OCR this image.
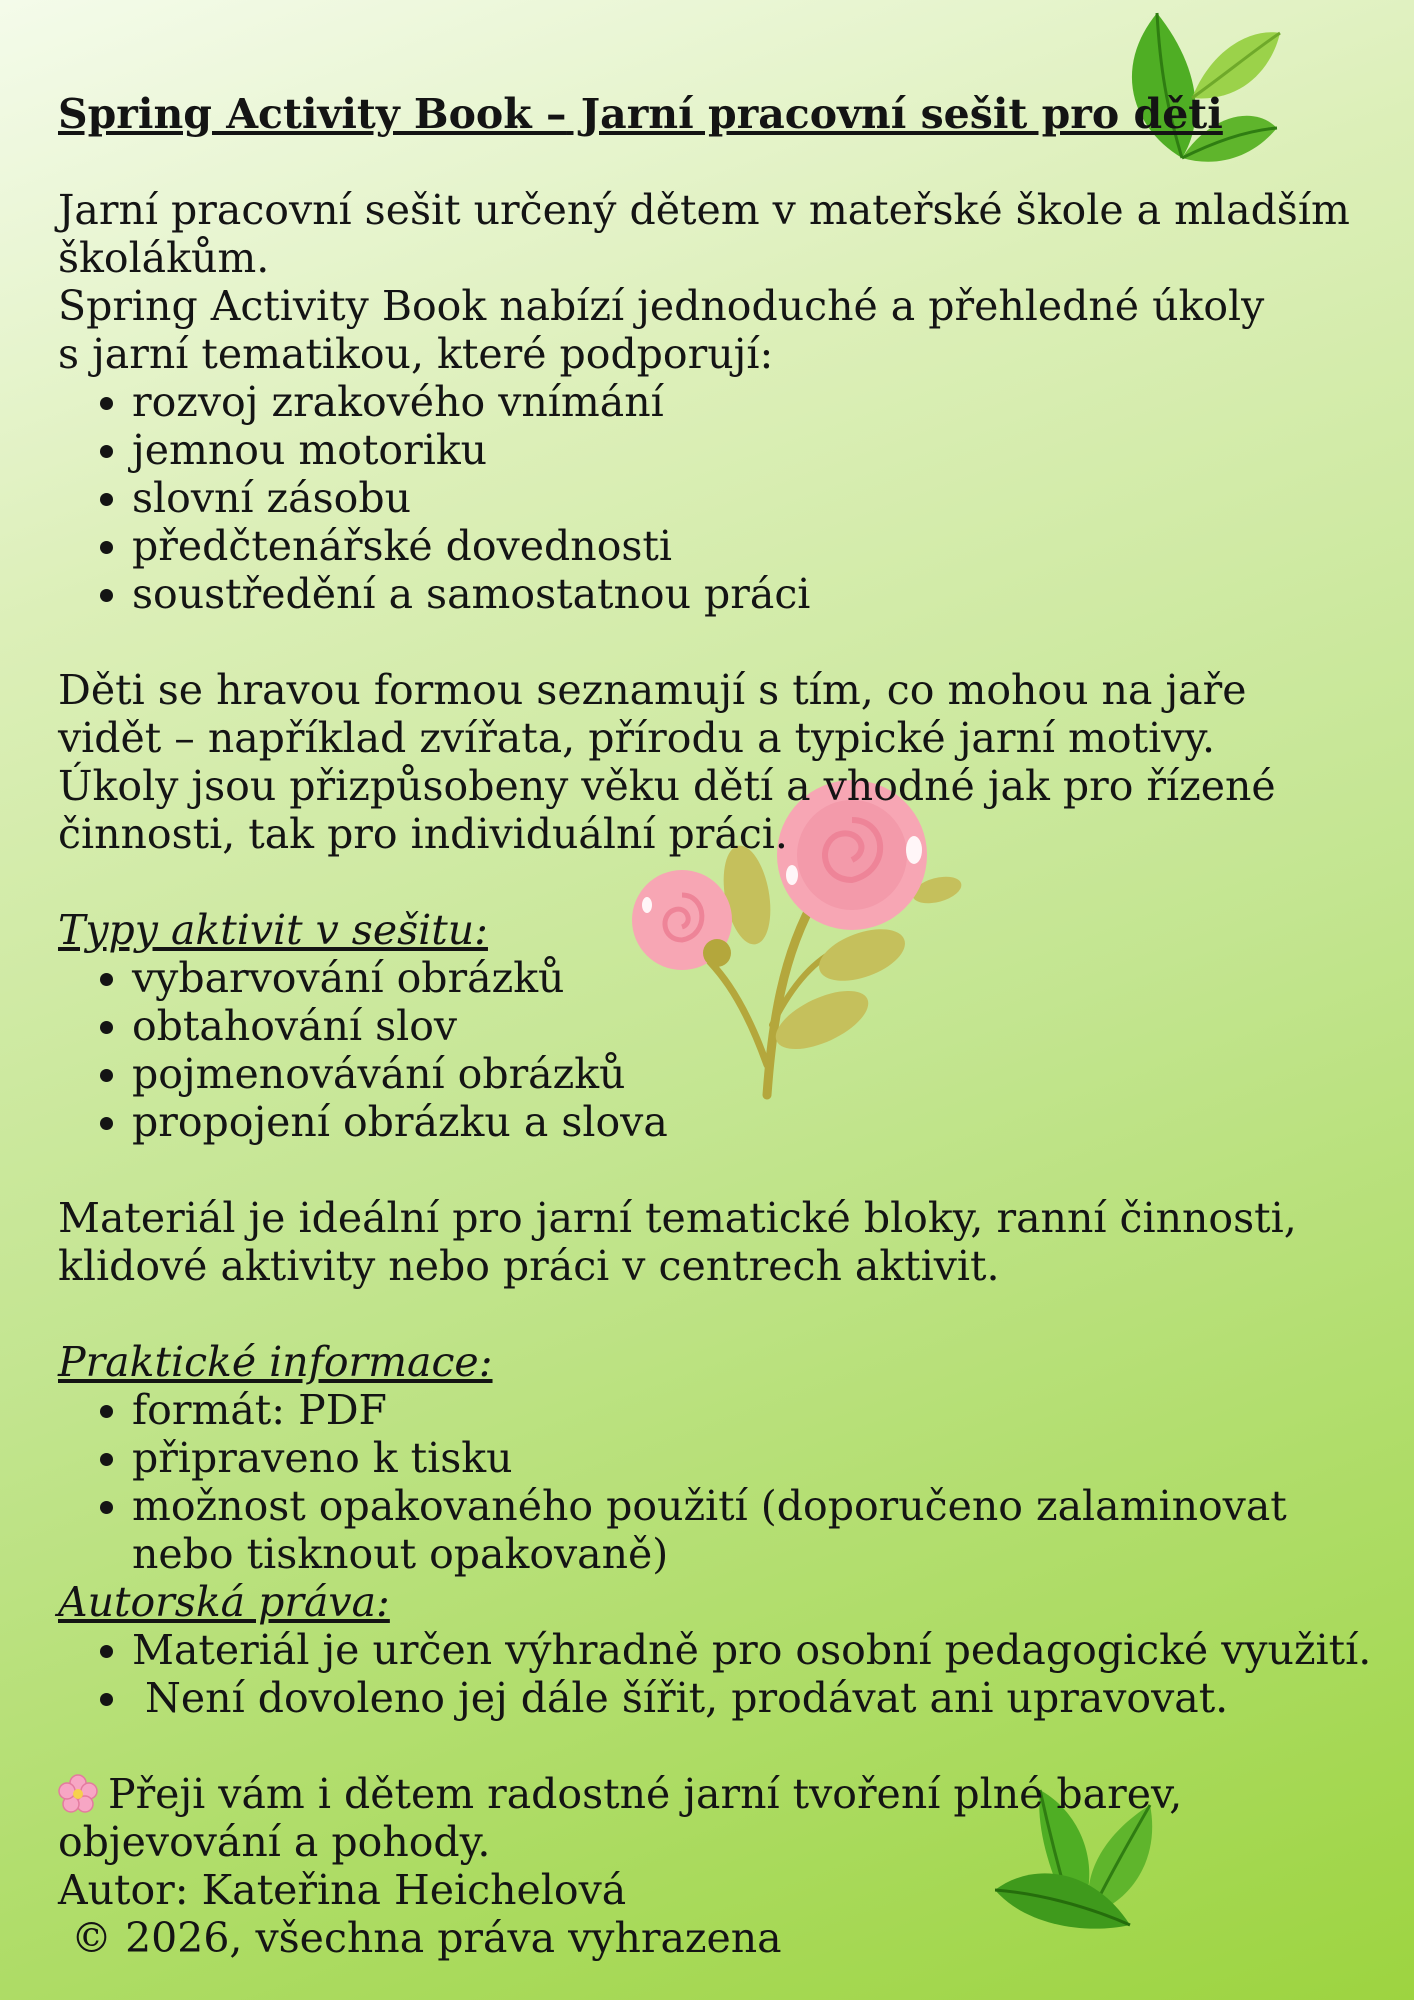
Spring Activity Book – Jarní pracovní sešit pro děti

Jarní pracovní sešit určený dětem v mateřské škole a mladším školákům.

Spring Activity Book nabízí jednoduché a přehledné úkoly s jarní tematikou, které podporují:

• rozvoj zrakového vnímání
• jemnou motoriku
• slovní zásobu
• předčtenářské dovednosti
• soustředění a samostatnou práci

Děti se hravou formou seznamují s tím, co mohou na jaře vidět – například zvířata, přírodu a typické jarní motivy. Úkoly jsou přizpůsobeny věku dětí a vhodné jak pro řízené činnosti, tak pro individuální práci.

Typy aktivit v sešitu:

• vybarvování obrázků
• obtahování slov
• pojmenovávání obrázků
• propojení obrázku a slova

Materiál je ideální pro jarní tematické bloky, ranní činnosti, klidové aktivity nebo práci v centrech aktivit.

Praktické informace:

• formát: PDF
• připraveno k tisku
• možnost opakovaného použití (doporučeno zalaminovat nebo tisknout opakovaně)

Autorská práva:

• Materiál je určen výhradně pro osobní pedagogické využití.
•  Není dovoleno jej dále šířit, prodávat ani upravovat.

Přeji vám i dětem radostné jarní tvoření plné barev, objevování a pohody.

Autor: Kateřina Heichelová

© 2026, všechna práva vyhrazena
